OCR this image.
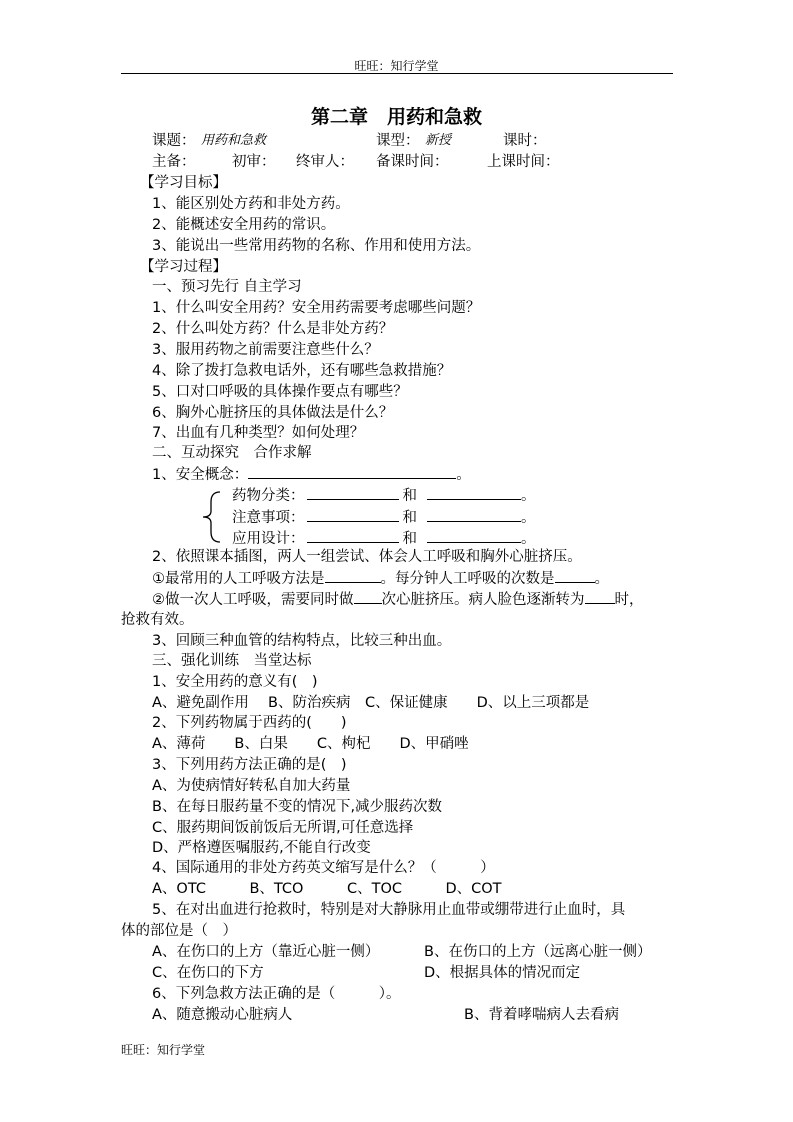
旺旺：知行学堂
第二章　用药和急救
课题： 用药和急救	课型： 新授	课时：
主备：	初审： 终审人： 备课时间：	上课时间：
【学习目标】
1、能区别处方药和非处方药。
2、能概述安全用药的常识。
3、能说出一些常用药物的名称、作用和使用方法。
【学习过程】
一、预习先行 自主学习
1、什么叫安全用药？安全用药需要考虑哪些问题？
2、什么叫处方药？什么是非处方药？
3、服用药物之前需要注意些什么？
4、除了拨打急救电话外，还有哪些急救措施？
5、口对口呼吸的具体操作要点有哪些？
6、胸外心脏挤压的具体做法是什么？
7、出血有几种类型？如何处理？
二、互动探究　合作求解
1、安全概念：	。
药物分类：	和	。
注意事项：	和	。
应用设计：	和	。
2、依照课本插图，两人一组尝试、体会人工呼吸和胸外心脏挤压。
①最常用的人工呼吸方法是	。每分钟人工呼吸的次数是	。
②做一次人工呼吸，需要同时做 次心脏挤压。病人脸色逐渐转为 时，
抢救有效。
3、回顾三种血管的结构特点，比较三种出血。
三、强化训练　当堂达标
1、安全用药的意义有(　)
A、避免副作用　 B、防治疾病　C、保证健康　　D、以上三项都是
2、下列药物属于西药的(　　)
A、薄荷　　B、白果　　C、枸杞　　D、甲硝唑
3、下列用药方法正确的是(　)
A、为使病情好转私自加大药量
B、在每日服药量不变的情况下,减少服药次数
C、服药期间饭前饭后无所谓,可任意选择
D、严格遵医嘱服药,不能自行改变
4、国际通用的非处方药英文缩写是什么？（　　　）
A、OTC　　　B、TCO　　　C、TOC　　　D、COT
5、在对出血进行抢救时，特别是对大静脉用止血带或绷带进行止血时，具
体的部位是（　）
A、在伤口的上方（靠近心脏一侧）	B、在伤口的上方（远离心脏一侧）
C、在伤口的下方	D、根据具体的情况而定
6、下列急救方法正确的是（　　　）。
A、随意搬动心脏病人	B、背着哮喘病人去看病
旺旺：知行学堂
